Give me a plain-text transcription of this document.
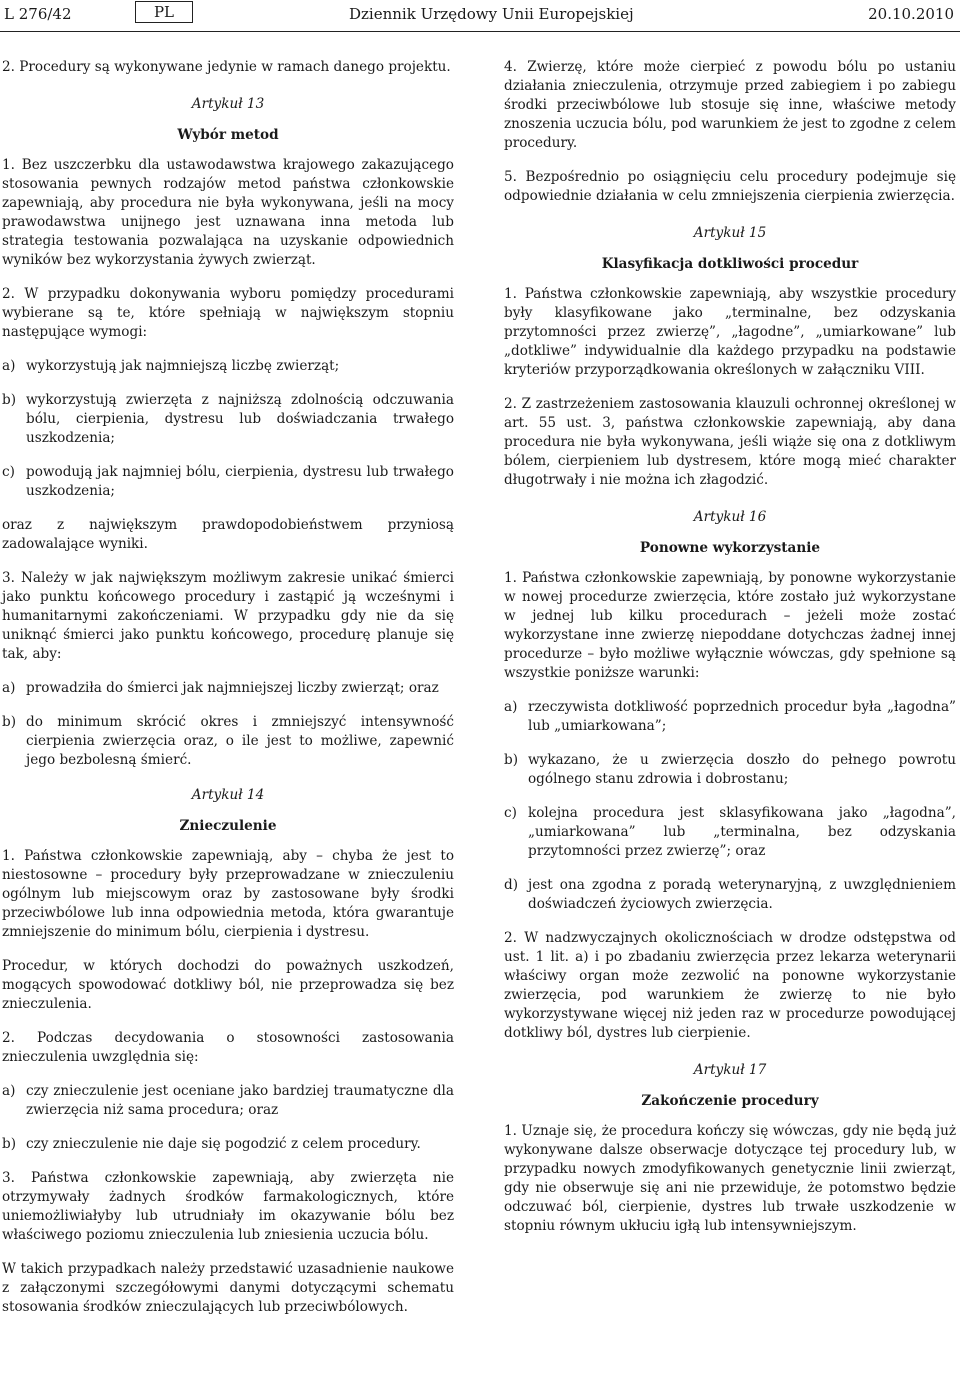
L 276/42	PL	Dziennik Urzędowy Unii Europejskiej	20.10.2010

2. Procedury są wykonywane jedynie w ramach danego projektu.

Artykuł 13

Wybór metod

1. Bez uszczerbku dla ustawodawstwa krajowego zakazującego stosowania pewnych rodzajów metod państwa członkowskie zapewniają, aby procedura nie była wykonywana, jeśli na mocy prawodawstwa unijnego jest uznawana inna metoda lub strategia testowania pozwalająca na uzyskanie odpowiednich wyników bez wykorzystania żywych zwierząt.

2. W przypadku dokonywania wyboru pomiędzy procedurami wybierane są te, które spełniają w największym stopniu następujące wymogi:

a) wykorzystują jak najmniejszą liczbę zwierząt;
b) wykorzystują zwierzęta z najniższą zdolnością odczuwania bólu, cierpienia, dystresu lub doświadczania trwałego uszkodzenia;
c) powodują jak najmniej bólu, cierpienia, dystresu lub trwałego uszkodzenia;

oraz z największym prawdopodobieństwem przyniosą zadowalające wyniki.

3. Należy w jak największym możliwym zakresie unikać śmierci jako punktu końcowego procedury i zastąpić ją wcześnymi i humanitarnymi zakończeniami. W przypadku gdy nie da się uniknąć śmierci jako punktu końcowego, procedurę planuje się tak, aby:

a) prowadziła do śmierci jak najmniejszej liczby zwierząt; oraz
b) do minimum skrócić okres i zmniejszyć intensywność cierpienia zwierzęcia oraz, o ile jest to możliwe, zapewnić jego bezbolesną śmierć.

Artykuł 14

Znieczulenie

1. Państwa członkowskie zapewniają, aby – chyba że jest to niestosowne – procedury były przeprowadzane w znieczuleniu ogólnym lub miejscowym oraz by zastosowane były środki przeciwbólowe lub inna odpowiednia metoda, która gwarantuje zmniejszenie do minimum bólu, cierpienia i dystresu.

Procedur, w których dochodzi do poważnych uszkodzeń, mogących spowodować dotkliwy ból, nie przeprowadza się bez znieczulenia.

2. Podczas decydowania o stosowności zastosowania znieczulenia uwzględnia się:

a) czy znieczulenie jest oceniane jako bardziej traumatyczne dla zwierzęcia niż sama procedura; oraz
b) czy znieczulenie nie daje się pogodzić z celem procedury.

3. Państwa członkowskie zapewniają, aby zwierzęta nie otrzymywały żadnych środków farmakologicznych, które uniemożliwiałyby lub utrudniały im okazywanie bólu bez właściwego poziomu znieczulenia lub zniesienia uczucia bólu.

W takich przypadkach należy przedstawić uzasadnienie naukowe z załączonymi szczegółowymi danymi dotyczącymi schematu stosowania środków znieczulających lub przeciwbólowych.

4. Zwierzę, które może cierpieć z powodu bólu po ustaniu działania znieczulenia, otrzymuje przed zabiegiem i po zabiegu środki przeciwbólowe lub stosuje się inne, właściwe metody znoszenia uczucia bólu, pod warunkiem że jest to zgodne z celem procedury.

5. Bezpośrednio po osiągnięciu celu procedury podejmuje się odpowiednie działania w celu zmniejszenia cierpienia zwierzęcia.

Artykuł 15

Klasyfikacja dotkliwości procedur

1. Państwa członkowskie zapewniają, aby wszystkie procedury były klasyfikowane jako „terminalne, bez odzyskania przytomności przez zwierzę”, „łagodne”, „umiarkowane” lub „dotkliwe” indywidualnie dla każdego przypadku na podstawie kryteriów przyporządkowania określonych w załączniku VIII.

2. Z zastrzeżeniem zastosowania klauzuli ochronnej określonej w art. 55 ust. 3, państwa członkowskie zapewniają, aby dana procedura nie była wykonywana, jeśli wiąże się ona z dotkliwym bólem, cierpieniem lub dystresem, które mogą mieć charakter długotrwały i nie można ich złagodzić.

Artykuł 16

Ponowne wykorzystanie

1. Państwa członkowskie zapewniają, by ponowne wykorzystanie w nowej procedurze zwierzęcia, które zostało już wykorzystane w jednej lub kilku procedurach – jeżeli może zostać wykorzystane inne zwierzę niepoddane dotychczas żadnej innej procedurze – było możliwe wyłącznie wówczas, gdy spełnione są wszystkie poniższe warunki:

a) rzeczywista dotkliwość poprzednich procedur była „łagodna” lub „umiarkowana”;
b) wykazano, że u zwierzęcia doszło do pełnego powrotu ogólnego stanu zdrowia i dobrostanu;
c) kolejna procedura jest sklasyfikowana jako „łagodna”, „umiarkowana” lub „terminalna, bez odzyskania przytomności przez zwierzę”; oraz
d) jest ona zgodna z poradą weterynaryjną, z uwzględnieniem doświadczeń życiowych zwierzęcia.

2. W nadzwyczajnych okolicznościach w drodze odstępstwa od ust. 1 lit. a) i po zbadaniu zwierzęcia przez lekarza weterynarii właściwy organ może zezwolić na ponowne wykorzystanie zwierzęcia, pod warunkiem że zwierzę to nie było wykorzystywane więcej niż jeden raz w procedurze powodującej dotkliwy ból, dystres lub cierpienie.

Artykuł 17

Zakończenie procedury

1. Uznaje się, że procedura kończy się wówczas, gdy nie będą już wykonywane dalsze obserwacje dotyczące tej procedury lub, w przypadku nowych zmodyfikowanych genetycznie linii zwierząt, gdy nie obserwuje się ani nie przewiduje, że potomstwo będzie odczuwać ból, cierpienie, dystres lub trwałe uszkodzenie w stopniu równym ukłuciu igłą lub intensywniejszym.
